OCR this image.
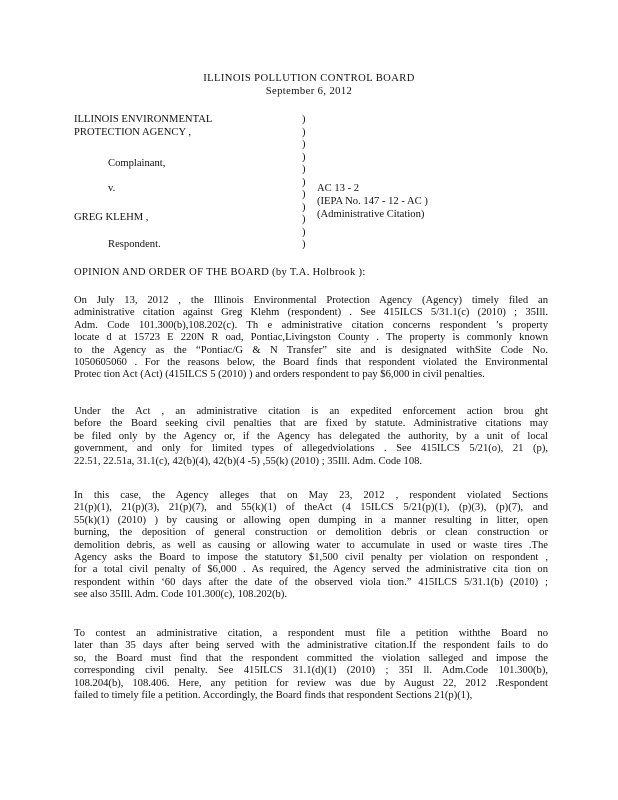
ILLINOIS POLLUTION CONTROL BOARD
September 6, 2012
ILLINOIS ENVIRONMENTAL
PROTECTION AGENCY ,
Complainant,
v.
GREG KLEHM ,
Respondent.
)
)
)
)
)
)
)
)
)
)
)
AC 13 - 2
(IEPA No. 147 - 12 - AC )
(Administrative Citation)
OPINION AND ORDER OF THE BOARD (by T.A. Holbrook ):
On July 13, 2012 , the Illinois Environmental Protection Agency (Agency) timely filed an
administrative citation against Greg Klehm (respondent) . See 415ILCS 5/31.1(c) (2010) ; 35Ill.
Adm. Code 101.300(b),108.202(c). Th e administrative citation concerns respondent ’s property
locate d at 15723 E 220N R oad, Pontiac,Livingston County . The property is commonly known
to the Agency as the “Pontiac/G & N Transfer” site and is designated withSite Code No.
1050605060 . For the reasons below, the Board finds that respondent violated the Environmental
Protec tion Act (Act) (415ILCS 5 (2010) ) and orders respondent to pay $6,000 in civil penalties.
Under the Act , an administrative citation is an expedited enforcement action brou ght
before the Board seeking civil penalties that are fixed by statute. Administrative citations may
be filed only by the Agency or, if the Agency has delegated the authority, by a unit of local
government, and only for limited types of allegedviolations . See 415ILCS 5/21(o), 21 (p),
22.51, 22.51a, 31.1(c), 42(b)(4), 42(b)(4 -5) ,55(k) (2010) ; 35Ill. Adm. Code 108.
In this case, the Agency alleges that on May 23, 2012 , respondent violated Sections
21(p)(1), 21(p)(3), 21(p)(7), and 55(k)(1) of theAct (4 15ILCS 5/21(p)(1), (p)(3), (p)(7), and
55(k)(1) (2010) ) by causing or allowing open dumping in a manner resulting in litter, open
burning, the deposition of general construction or demolition debris or clean construction or
demolition debris, as well as causing or allowing water to accumulate in used or waste tires .The
Agency asks the Board to impose the statutory $1,500 civil penalty per violation on respondent ,
for a total civil penalty of $6,000 . As required, the Agency served the administrative cita tion on
respondent within ‘60 days after the date of the observed viola tion.” 415ILCS 5/31.1(b) (2010) ;
see also 35Ill. Adm. Code 101.300(c), 108.202(b).
To contest an administrative citation, a respondent must file a petition withthe Board no
later than 35 days after being served with the administrative citation.If the respondent fails to do
so, the Board must find that the respondent committed the violation salleged and impose the
corresponding civil penalty. See 415ILCS 31.1(d)(1) (2010) ; 35I ll. Adm.Code 101.300(b),
108.204(b), 108.406. Here, any petition for review was due by August 22, 2012 .Respondent
failed to timely file a petition. Accordingly, the Board finds that respondent Sections 21(p)(1),
